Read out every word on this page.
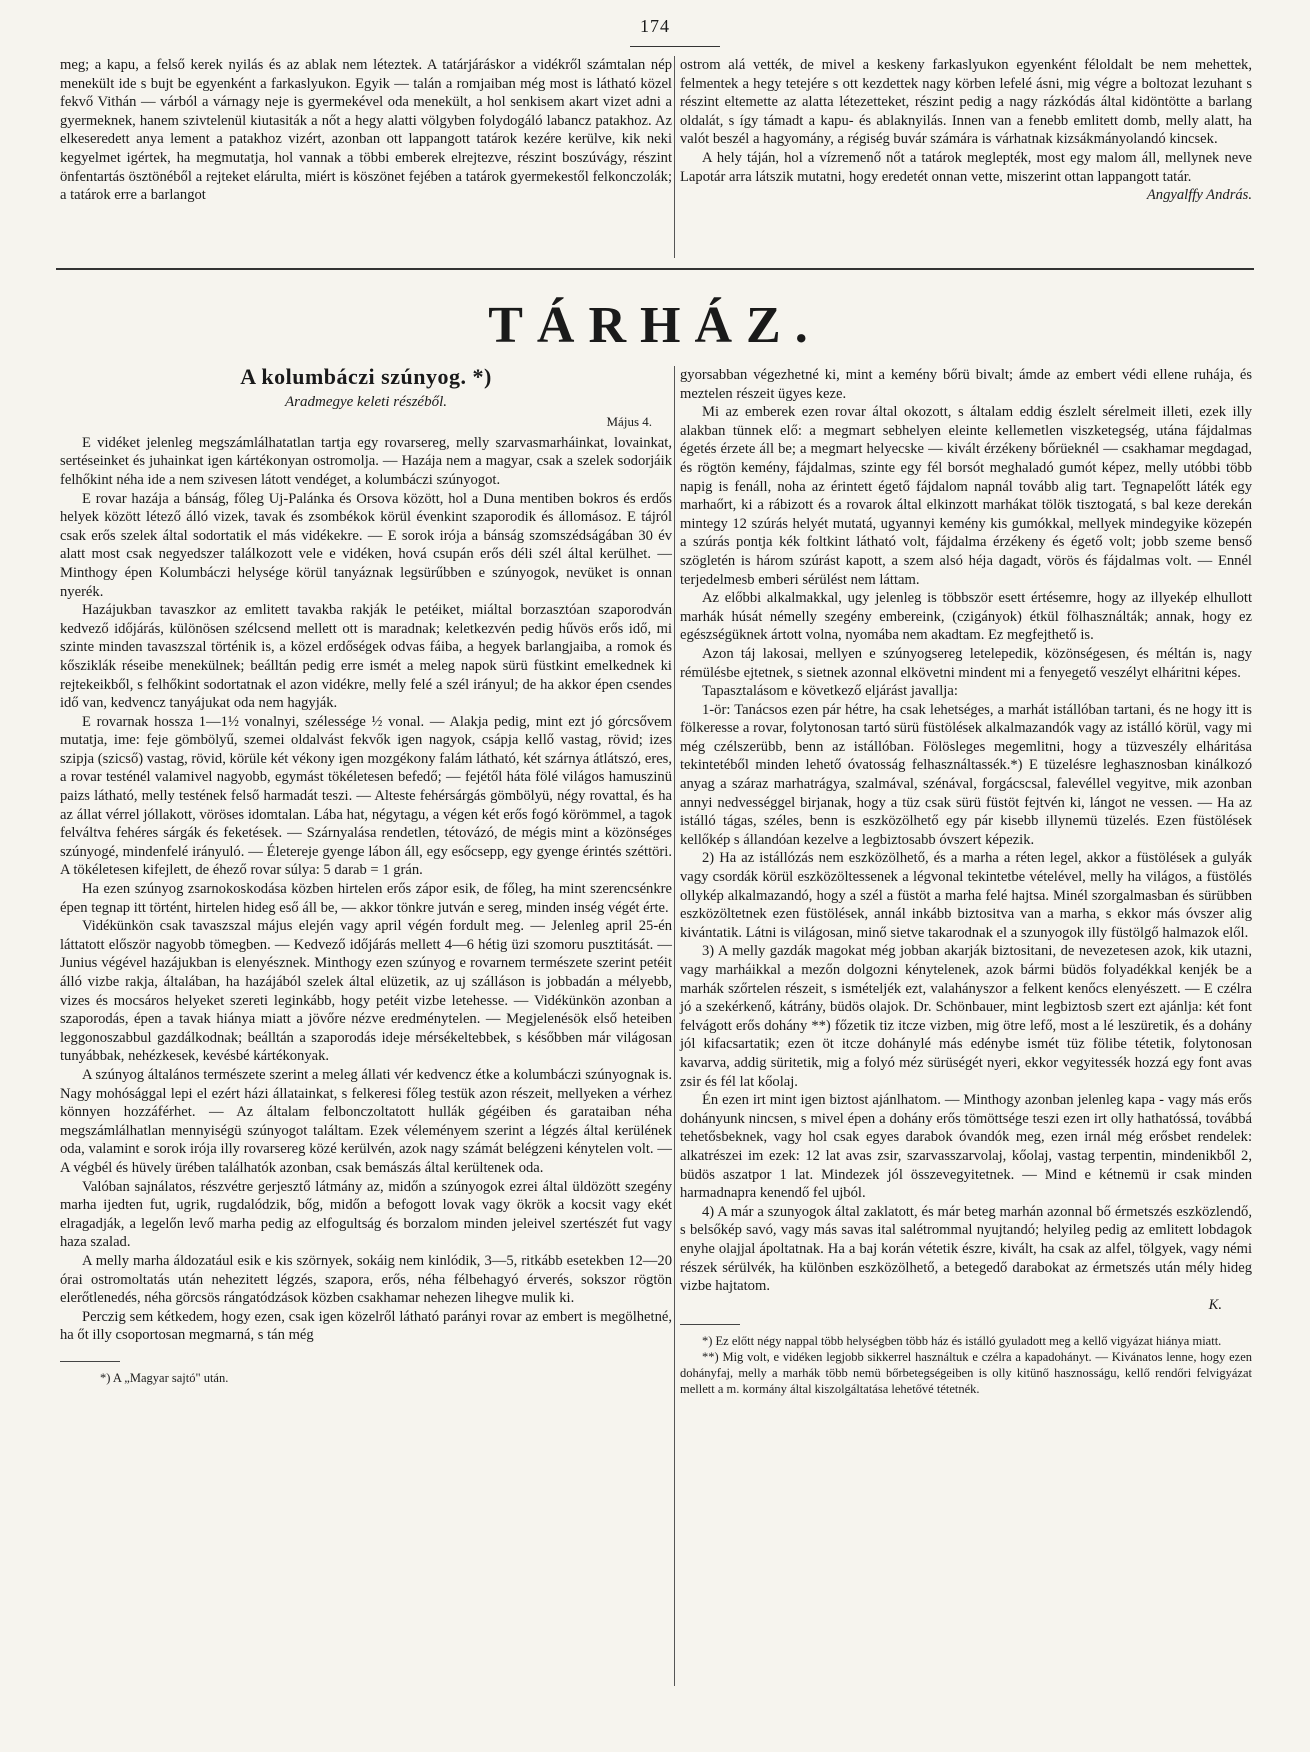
174

meg; a kapu, a felső kerek nyilás és az ablak nem léteztek. A tatárjáráskor a vidékről számtalan nép menekült ide s bujt be egyenként a farkaslyukon. Egyik — talán a romjaiban még most is látható közel fekvő Vithán — várból a várnagy neje is gyermekével oda menekült, a hol senkisem akart vizet adni a gyermeknek, hanem szivtelenül kiutasiták a nőt a hegy alatti völgyben folydogáló labancz patakhoz. Az elkeseredett anya lement a patakhoz vizért, azonban ott lappangott tatárok kezére kerülve, kik neki kegyelmet igértek, ha megmutatja, hol vannak a többi emberek elrejtezve, részint boszúvágy, részint önfentartás ösztönéből a rejteket elárulta, miért is köszönet fejében a tatárok gyermekestől felkonczolák; a tatárok erre a barlangot

ostrom alá vették, de mivel a keskeny farkaslyukon egyenként féloldalt be nem mehettek, felmentek a hegy tetejére s ott kezdettek nagy körben lefelé ásni, mig végre a boltozat lezuhant s részint eltemette az alatta létezetteket, részint pedig a nagy rázkódás által kidöntötte a barlang oldalát, s így támadt a kapu- és ablaknyilás. Innen van a fenebb emlitett domb, melly alatt, ha valót beszél a hagyomány, a régiség buvár számára is várhatnak kizsákmányolandó kincsek.

A hely táján, hol a vízremenő nőt a tatárok meglepték, most egy malom áll, mellynek neve Lapotár arra látszik mutatni, hogy eredetét onnan vette, miszerint ottan lappangott tatár.

Angyalffy András.

TÁRHÁZ.
A kolumbáczi szúnyog. *)
Aradmegye keleti részéből.
Május 4.

E vidéket jelenleg megszámlálhatatlan tartja egy rovarsereg, melly szarvasmarháinkat, lovainkat, sertéseinket és juhainkat igen kártékonyan ostromolja. — Hazája nem a magyar, csak a szelek sodorjáik felhőkint néha ide a nem szivesen látott vendéget, a kolumbáczi szúnyogot.

E rovar hazája a bánság, főleg Uj-Palánka és Orsova között, hol a Duna mentiben bokros és erdős helyek között létező álló vizek, tavak és zsombékok körül évenkint szaporodik és állomásoz. E tájról csak erős szelek által sodortatik el más vidékekre. — E sorok irója a bánság szomszédságában 30 év alatt most csak negyedszer találkozott vele e vidéken, hová csupán erős déli szél által kerülhet. — Minthogy épen Kolumbáczi helysége körül tanyáznak legsürűbben e szúnyogok, nevüket is onnan nyerék.

Hazájukban tavaszkor az emlitett tavakba rakják le petéiket, miáltal borzasztóan szaporodván kedvező időjárás, különösen szélcsend mellett ott is maradnak; keletkezvén pedig hűvös erős idő, mi szinte minden tavaszszal történik is, a közel erdőségek odvas fáiba, a hegyek barlangjaiba, a romok és kősziklák réseibe menekülnek; beálltán pedig erre ismét a meleg napok sürü füstkint emelkednek ki rejtekeikből, s felhőkint sodortatnak el azon vidékre, melly felé a szél irányul; de ha akkor épen csendes idő van, kedvencz tanyájukat oda nem hagyják.

E rovarnak hossza 1—1½ vonalnyi, szélessége ½ vonal. — Alakja pedig, mint ezt jó górcsővem mutatja, ime: feje gömbölyű, szemei oldalvást fekvők igen nagyok, csápja kellő vastag, rövid; izes szipja (szicső) vastag, rövid, körüle két vékony igen mozgékony falám látható, két szárnya átlátszó, eres, a rovar testénél valamivel nagyobb, egymást tökéletesen befedő; — fejétől háta fölé világos hamuszinü paizs látható, melly testének felső harmadát teszi. — Alteste fehérsárgás gömbölyü, négy rovattal, és ha az állat vérrel jóllakott, vöröses idomtalan. Lába hat, négytagu, a végen két erős fogó körömmel, a tagok felváltva fehéres sárgák és feketések. — Szárnyalása rendetlen, tétovázó, de mégis mint a közönséges szúnyogé, mindenfelé irányuló. — Életereje gyenge lábon áll, egy esőcsepp, egy gyenge érintés széttöri. A tökéletesen kifejlett, de éhező rovar súlya: 5 darab = 1 grán.

Ha ezen szúnyog zsarnokoskodása közben hirtelen erős zápor esik, de főleg, ha mint szerencsénkre épen tegnap itt történt, hirtelen hideg eső áll be, — akkor tönkre jutván e sereg, minden inség végét érte.

Vidékünkön csak tavaszszal május elején vagy april végén fordult meg. — Jelenleg april 25-én láttatott először nagyobb tömegben. — Kedvező időjárás mellett 4—6 hétig üzi szomoru pusztitását. — Junius végével hazájukban is elenyésznek. Minthogy ezen szúnyog e rovarnem természete szerint petéit álló vizbe rakja, általában, ha hazájából szelek által elüzetik, az uj szálláson is jobbadán a mélyebb, vizes és mocsáros helyeket szereti leginkább, hogy petéit vizbe letehesse. — Vidékünkön azonban a szaporodás, épen a tavak hiánya miatt a jövőre nézve eredménytelen. — Megjelenésök első heteiben leggonoszabbul gazdálkodnak; beálltán a szaporodás ideje mérsékeltebbek, s későbben már világosan tunyábbak, nehézkesek, kevésbé kártékonyak.

A szúnyog általános természete szerint a meleg állati vér kedvencz étke a kolumbáczi szúnyognak is. Nagy mohósággal lepi el ezért házi állatainkat, s felkeresi főleg testük azon részeit, mellyeken a vérhez könnyen hozzáférhet. — Az általam felbonczoltatott hullák gégéiben és garataiban néha megszámlálhatlan mennyiségü szúnyogot találtam. Ezek véleményem szerint a légzés által kerülének oda, valamint e sorok irója illy rovarsereg közé kerülvén, azok nagy számát belégzeni kénytelen volt. — A végbél és hüvely ürében találhatók azonban, csak bemászás által kerültenek oda.

Valóban sajnálatos, részvétre gerjesztő látmány az, midőn a szúnyogok ezrei által üldözött szegény marha ijedten fut, ugrik, rugdalódzik, bőg, midőn a befogott lovak vagy ökrök a kocsit vagy ekét elragadják, a legelőn levő marha pedig az elfogultság és borzalom minden jeleivel szertészét fut vagy haza szalad.

A melly marha áldozatául esik e kis szörnyek, sokáig nem kinlódik, 3—5, ritkább esetekben 12—20 órai ostromoltatás után nehezitett légzés, szapora, erős, néha félbehagyó érverés, sokszor rögtön elerőtlenedés, néha görcsös rángatódzások közben csakhamar nehezen lihegve mulik ki.

Perczig sem kétkedem, hogy ezen, csak igen közelről látható parányi rovar az embert is megölhetné, ha őt illy csoportosan megmarná, s tán még

*) A „Magyar sajtó" után.

gyorsabban végezhetné ki, mint a kemény bőrü bivalt; ámde az embert védi ellene ruhája, és meztelen részeit ügyes keze.

Mi az emberek ezen rovar által okozott, s általam eddig észlelt sérelmeit illeti, ezek illy alakban tünnek elő: a megmart sebhelyen eleinte kellemetlen viszketegség, utána fájdalmas égetés érzete áll be; a megmart helyecske — kivált érzékeny bőrüeknél — csakhamar megdagad, és rögtön kemény, fájdalmas, szinte egy fél borsót meghaladó gumót képez, melly utóbbi több napig is fenáll, noha az érintett égető fájdalom napnál tovább alig tart. Tegnapelőtt láték egy marhaőrt, ki a rábizott és a rovarok által elkinzott marhákat tölök tisztogatá, s bal keze derekán mintegy 12 szúrás helyét mutatá, ugyannyi kemény kis gumókkal, mellyek mindegyike közepén a szúrás pontja kék foltkint látható volt, fájdalma érzékeny és égető volt; jobb szeme benső szögletén is három szúrást kapott, a szem alsó héja dagadt, vörös és fájdalmas volt. — Ennél terjedelmesb emberi sérülést nem láttam.

Az előbbi alkalmakkal, ugy jelenleg is többször esett értésemre, hogy az illyekép elhullott marhák húsát némelly szegény embereink, (czigányok) étkül fölhasználták; annak, hogy ez egészségüknek ártott volna, nyomába nem akadtam. Ez megfejthető is.

Azon táj lakosai, mellyen e szúnyogsereg letelepedik, közönségesen, és méltán is, nagy rémülésbe ejtetnek, s sietnek azonnal elkövetni mindent mi a fenyegető veszélyt elháritni képes.

Tapasztalásom e következő eljárást javallja:

1-ör: Tanácsos ezen pár hétre, ha csak lehetséges, a marhát istállóban tartani, és ne hogy itt is fölkeresse a rovar, folytonosan tartó sürü füstölések alkalmazandók vagy az istálló körül, vagy mi még czélszerübb, benn az istállóban. Fölösleges megemlitni, hogy a tüzveszély elháritása tekintetéből minden lehető óvatosság felhasználtassék.*) E tüzelésre leghasznosban kinálkozó anyag a száraz marhatrágya, szalmával, szénával, forgácscsal, falevéllel vegyitve, mik azonban annyi nedvességgel birjanak, hogy a tüz csak sürü füstöt fejtvén ki, lángot ne vessen. — Ha az istálló tágas, széles, benn is eszközölhető egy pár kisebb illynemü tüzelés. Ezen füstölések kellőkép s állandóan kezelve a legbiztosabb óvszert képezik.

2) Ha az istállózás nem eszközölhető, és a marha a réten legel, akkor a füstölések a gulyák vagy csordák körül eszközöltessenek a légvonal tekintetbe vételével, melly ha világos, a füstölés ollykép alkalmazandó, hogy a szél a füstöt a marha felé hajtsa. Minél szorgalmasban és sürübben eszközöltetnek ezen füstölések, annál inkább biztositva van a marha, s ekkor más óvszer alig kivántatik. Látni is világosan, minő sietve takarodnak el a szunyogok illy füstölgő halmazok elől.

3) A melly gazdák magokat még jobban akarják biztositani, de nevezetesen azok, kik utazni, vagy marháikkal a mezőn dolgozni kénytelenek, azok bármi büdös folyadékkal kenjék be a marhák szőrtelen részeit, s ismételjék ezt, valahányszor a felkent kenőcs elenyészett. — E czélra jó a szekérkenő, kátrány, büdös olajok. Dr. Schönbauer, mint legbiztosb szert ezt ajánlja: két font felvágott erős dohány **) főzetik tiz itcze vizben, mig ötre lefő, most a lé leszüretik, és a dohány jól kifacsartatik; ezen öt itcze dohánylé más edénybe ismét tüz fölibe tétetik, folytonosan kavarva, addig süritetik, mig a folyó méz sürüségét nyeri, ekkor vegyitessék hozzá egy font avas zsir és fél lat kőolaj.

Én ezen irt mint igen biztost ajánlhatom. — Minthogy azonban jelenleg kapa - vagy más erős dohányunk nincsen, s mivel épen a dohány erős tömöttsége teszi ezen irt olly hathatóssá, továbbá tehetősbeknek, vagy hol csak egyes darabok óvandók meg, ezen irnál még erősbet rendelek: alkatrészei im ezek: 12 lat avas zsir, szarvasszarvolaj, kőolaj, vastag terpentin, mindenikből 2, büdös aszatpor 1 lat. Mindezek jól összevegyitetnek. — Mind e kétnemü ir csak minden harmadnapra kenendő fel ujból.

4) A már a szunyogok által zaklatott, és már beteg marhán azonnal bő érmetszés eszközlendő, s belsőkép savó, vagy más savas ital salétrommal nyujtandó; helyileg pedig az emlitett lobdagok enyhe olajjal ápoltatnak. Ha a baj korán vétetik észre, kivált, ha csak az alfel, tölgyek, vagy némi részek sérülvék, ha különben eszközölhető, a betegedő darabokat az érmetszés után mély hideg vizbe hajtatom.

K.

*) Ez előtt négy nappal több helységben több ház és istálló gyuladott meg a kellő vigyázat hiánya miatt.
**) Mig volt, e vidéken legjobb sikkerrel használtuk e czélra a kapadohányt. — Kivánatos lenne, hogy ezen dohányfaj, melly a marhák több nemü bőrbetegségeiben is olly kitünő hasznosságu, kellő rendőri felvigyázat mellett a m. kormány által kiszolgáltatása lehetővé tétetnék.
